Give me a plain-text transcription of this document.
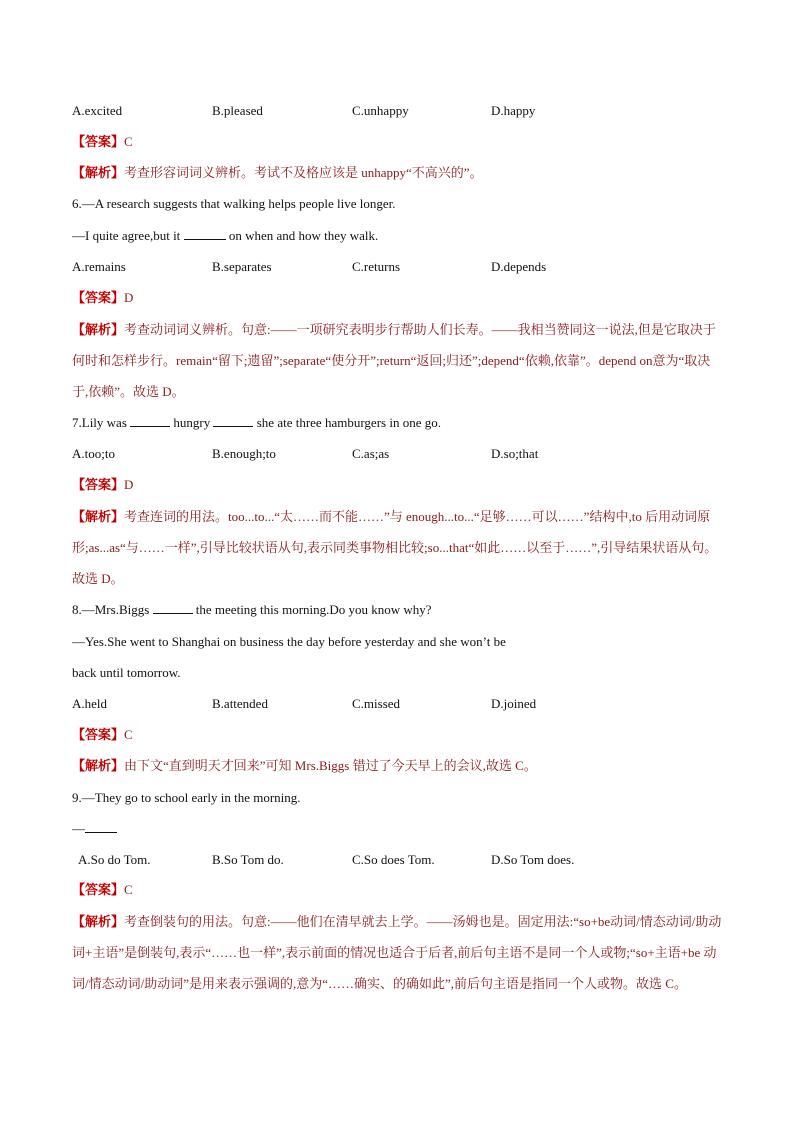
A.excited	B.pleased	C.unhappy	D.happy
【答案】C
【解析】考查形容词词义辨析。考试不及格应该是 unhappy“不高兴的”。
6.—A research suggests that walking helps people live longer.
—I quite agree,but it	on when and how they walk.
A.remains	B.separates	C.returns	D.depends
【答案】D
【解析】考查动词词义辨析。句意:——一项研究表明步行帮助人们长寿。——我相当赞同这一说法,但是它取决于何时和怎样步行。remain“留下;遗留”;separate“使分开”;return“返回;归还”;depend“依赖,依靠”。depend on意为“取决于,依赖”。故选 D。
7.Lily was	hungry	she ate three hamburgers in one go.
A.too;to	B.enough;to	C.as;as	D.so;that
【答案】D
【解析】考查连词的用法。too...to...“太……而不能……”与 enough...to...“足够……可以……”结构中,to 后用动词原形;as...as“与……一样”,引导比较状语从句,表示同类事物相比较;so...that“如此……以至于……”,引导结果状语从句。故选 D。
8.—Mrs.Biggs	the meeting this morning.Do you know why?
—Yes.She went to Shanghai on business the day before yesterday and she won’t be
back until tomorrow.
A.held	B.attended	C.missed	D.joined
【答案】C
【解析】由下文“直到明天才回来”可知 Mrs.Biggs 错过了今天早上的会议,故选 C。
9.—They go to school early in the morning.
—
A.So do Tom.	B.So Tom do.	C.So does Tom.	D.So Tom does.
【答案】C
【解析】考查倒装句的用法。句意:——他们在清早就去上学。——汤姆也是。固定用法:“so+be动词/情态动词/助动词+主语”是倒装句,表示“……也一样”,表示前面的情况也适合于后者,前后句主语不是同一个人或物;“so+主语+be 动词/情态动词/助动词”是用来表示强调的,意为“……确实、的确如此”,前后句主语是指同一个人或物。故选 C。
